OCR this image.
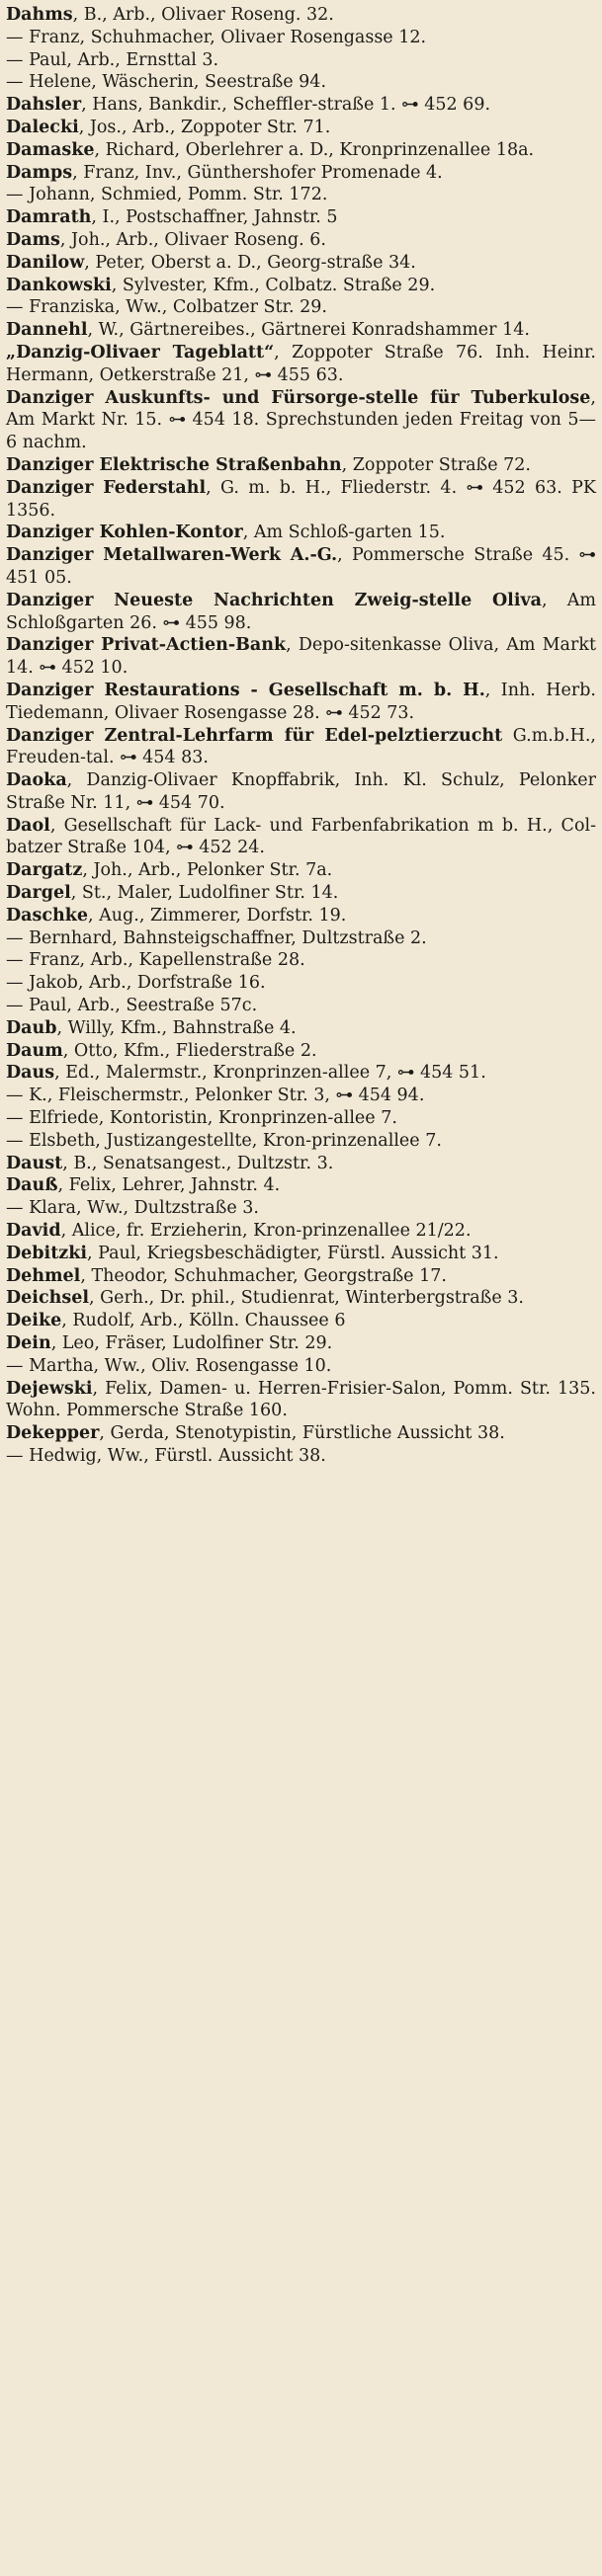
Dahms, B., Arb., Olivaer Roseng. 32.
— Franz, Schuhmacher, Olivaer Rosengasse 12.
— Paul, Arb., Ernsttal 3.
— Helene, Wäscherin, Seestraße 94.
Dahsler, Hans, Bankdir., Scheffler-straße 1. ⊶ 452 69.
Dalecki, Jos., Arb., Zoppoter Str. 71.
Damaske, Richard, Oberlehrer a. D., Kronprinzenallee 18a.
Damps, Franz, Inv., Günthershofer Promenade 4.
— Johann, Schmied, Pomm. Str. 172.
Damrath, I., Postschaffner, Jahnstr. 5
Dams, Joh., Arb., Olivaer Roseng. 6.
Danilow, Peter, Oberst a. D., Georg-straße 34.
Dankowski, Sylvester, Kfm., Colbatz. Straße 29.
— Franziska, Ww., Colbatzer Str. 29.
Dannehl, W., Gärtnereibes., Gärtnerei Konradshammer 14.
„Danzig-Olivaer Tageblatt“, Zoppoter Straße 76. Inh. Heinr. Hermann, Oetkerstraße 21, ⊶ 455 63.
Danziger Auskunfts- und Fürsorge-stelle für Tuberkulose, Am Markt Nr. 15. ⊶ 454 18. Sprechstunden jeden Freitag von 5—6 nachm.
Danziger Elektrische Straßenbahn, Zoppoter Straße 72.
Danziger Federstahl, G. m. b. H., Fliederstr. 4. ⊶ 452 63. PK 1356.
Danziger Kohlen-Kontor, Am Schloß-garten 15.
Danziger Metallwaren-Werk A.-G., Pommersche Straße 45. ⊶ 451 05.
Danziger Neueste Nachrichten Zweig-stelle Oliva, Am Schloßgarten 26. ⊶ 455 98.
Danziger Privat-Actien-Bank, Depo-sitenkasse Oliva, Am Markt 14. ⊶ 452 10.
Danziger Restaurations - Gesellschaft m. b. H., Inh. Herb. Tiedemann, Olivaer Rosengasse 28. ⊶ 452 73.
Danziger Zentral-Lehrfarm für Edel-pelztierzucht G.m.b.H., Freuden-tal. ⊶ 454 83.
Daoka, Danzig-Olivaer Knopffabrik, Inh. Kl. Schulz, Pelonker Straße Nr. 11, ⊶ 454 70.
Daol, Gesellschaft für Lack- und Farbenfabrikation m b. H., Col-batzer Straße 104, ⊶ 452 24.
Dargatz, Joh., Arb., Pelonker Str. 7a.
Dargel, St., Maler, Ludolfiner Str. 14.
Daschke, Aug., Zimmerer, Dorfstr. 19.
— Bernhard, Bahnsteigschaffner, Dultzstraße 2.
— Franz, Arb., Kapellenstraße 28.
— Jakob, Arb., Dorfstraße 16.
— Paul, Arb., Seestraße 57c.
Daub, Willy, Kfm., Bahnstraße 4.
Daum, Otto, Kfm., Fliederstraße 2.
Daus, Ed., Malermstr., Kronprinzen-allee 7, ⊶ 454 51.
— K., Fleischermstr., Pelonker Str. 3, ⊶ 454 94.
— Elfriede, Kontoristin, Kronprinzen-allee 7.
— Elsbeth, Justizangestellte, Kron-prinzenallee 7.
Daust, B., Senatsangest., Dultzstr. 3.
Dauß, Felix, Lehrer, Jahnstr. 4.
— Klara, Ww., Dultzstraße 3.
David, Alice, fr. Erzieherin, Kron-prinzenallee 21/22.
Debitzki, Paul, Kriegsbeschädigter, Fürstl. Aussicht 31.
Dehmel, Theodor, Schuhmacher, Georgstraße 17.
Deichsel, Gerh., Dr. phil., Studienrat, Winterbergstraße 3.
Deike, Rudolf, Arb., Kölln. Chaussee 6
Dein, Leo, Fräser, Ludolfiner Str. 29.
— Martha, Ww., Oliv. Rosengasse 10.
Dejewski, Felix, Damen- u. Herren-Frisier-Salon, Pomm. Str. 135. Wohn. Pommersche Straße 160.
Dekepper, Gerda, Stenotypistin, Fürstliche Aussicht 38.
— Hedwig, Ww., Fürstl. Aussicht 38.
